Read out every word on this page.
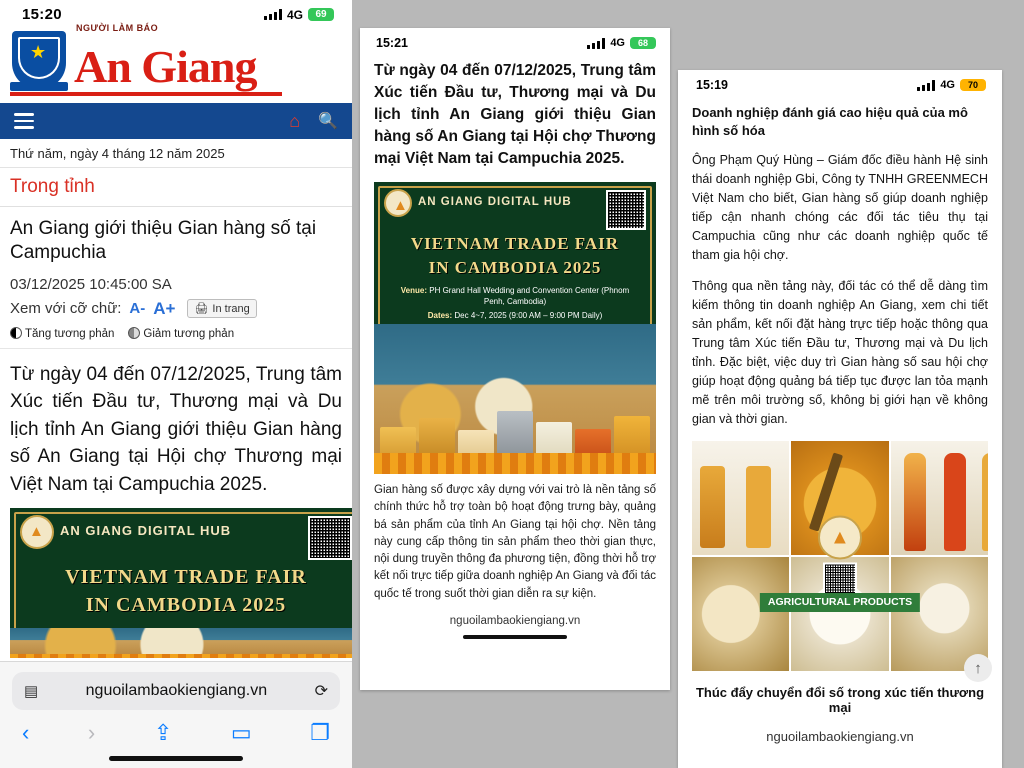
15:20	4G	69
★ An Giang
NGƯỜI LÀM BÁO
⌂ 🔍
Thứ năm, ngày 4 tháng 12 năm 2025
Trong tỉnh
An Giang giới thiệu Gian hàng số tại Campuchia
03/12/2025 10:45:00 SA
Xem với cỡ chữ: A- A+ 🖨 In trang
Tăng tương phản	Giảm tương phản
Từ ngày 04 đến 07/12/2025, Trung tâm Xúc tiến Đầu tư, Thương mại và Du lịch tỉnh An Giang giới thiệu Gian hàng số An Giang tại Hội chợ Thương mại Việt Nam tại Campuchia 2025.
▲
AN GIANG DIGITAL HUB
VIETNAM TRADE FAIR
IN CAMBODIA 2025
▤	nguoilambaokiengiang.vn	⟳
‹	›	⇪	▭	❐
15:21	4G	68
Từ ngày 04 đến 07/12/2025, Trung tâm Xúc tiến Đầu tư, Thương mại và Du lịch tỉnh An Giang giới thiệu Gian hàng số An Giang tại Hội chợ Thương mại Việt Nam tại Campuchia 2025.
▲
AN GIANG DIGITAL HUB
VIETNAM TRADE FAIR
IN CAMBODIA 2025
Venue: PH Grand Hall Wedding and Convention Center (Phnom Penh, Cambodia)
Dates: Dec 4~7, 2025 (9:00 AM – 9:00 PM Daily)
Gian hàng số được xây dựng với vai trò là nền tảng số chính thức hỗ trợ toàn bộ hoạt động trưng bày, quảng bá sản phẩm của tỉnh An Giang tại hội chợ. Nền tảng này cung cấp thông tin sản phẩm theo thời gian thực, nội dung truyền thông đa phương tiện, đồng thời hỗ trợ kết nối trực tiếp giữa doanh nghiệp An Giang và đối tác quốc tế trong suốt thời gian diễn ra sự kiện.
nguoilambaokiengiang.vn
15:19	4G	70
Doanh nghiệp đánh giá cao hiệu quả của mô hình số hóa
Ông Phạm Quý Hùng – Giám đốc điều hành Hệ sinh thái doanh nghiệp Gbi, Công ty TNHH GREENMECH Việt Nam cho biết, Gian hàng số giúp doanh nghiệp tiếp cận nhanh chóng các đối tác tiêu thụ tại Campuchia cũng như các doanh nghiệp quốc tế tham gia hội chợ.
Thông qua nền tảng này, đối tác có thể dễ dàng tìm kiếm thông tin doanh nghiệp An Giang, xem chi tiết sản phẩm, kết nối đặt hàng trực tiếp hoặc thông qua Trung tâm Xúc tiến Đầu tư, Thương mại và Du lịch tỉnh. Đặc biệt, việc duy trì Gian hàng số sau hội chợ giúp hoạt động quảng bá tiếp tục được lan tỏa mạnh mẽ trên môi trường số, không bị giới hạn về không gian và thời gian.
▲
AGRICULTURAL PRODUCTS
Thúc đẩy chuyển đổi số trong xúc tiến thương mại
nguoilambaokiengiang.vn
↑
